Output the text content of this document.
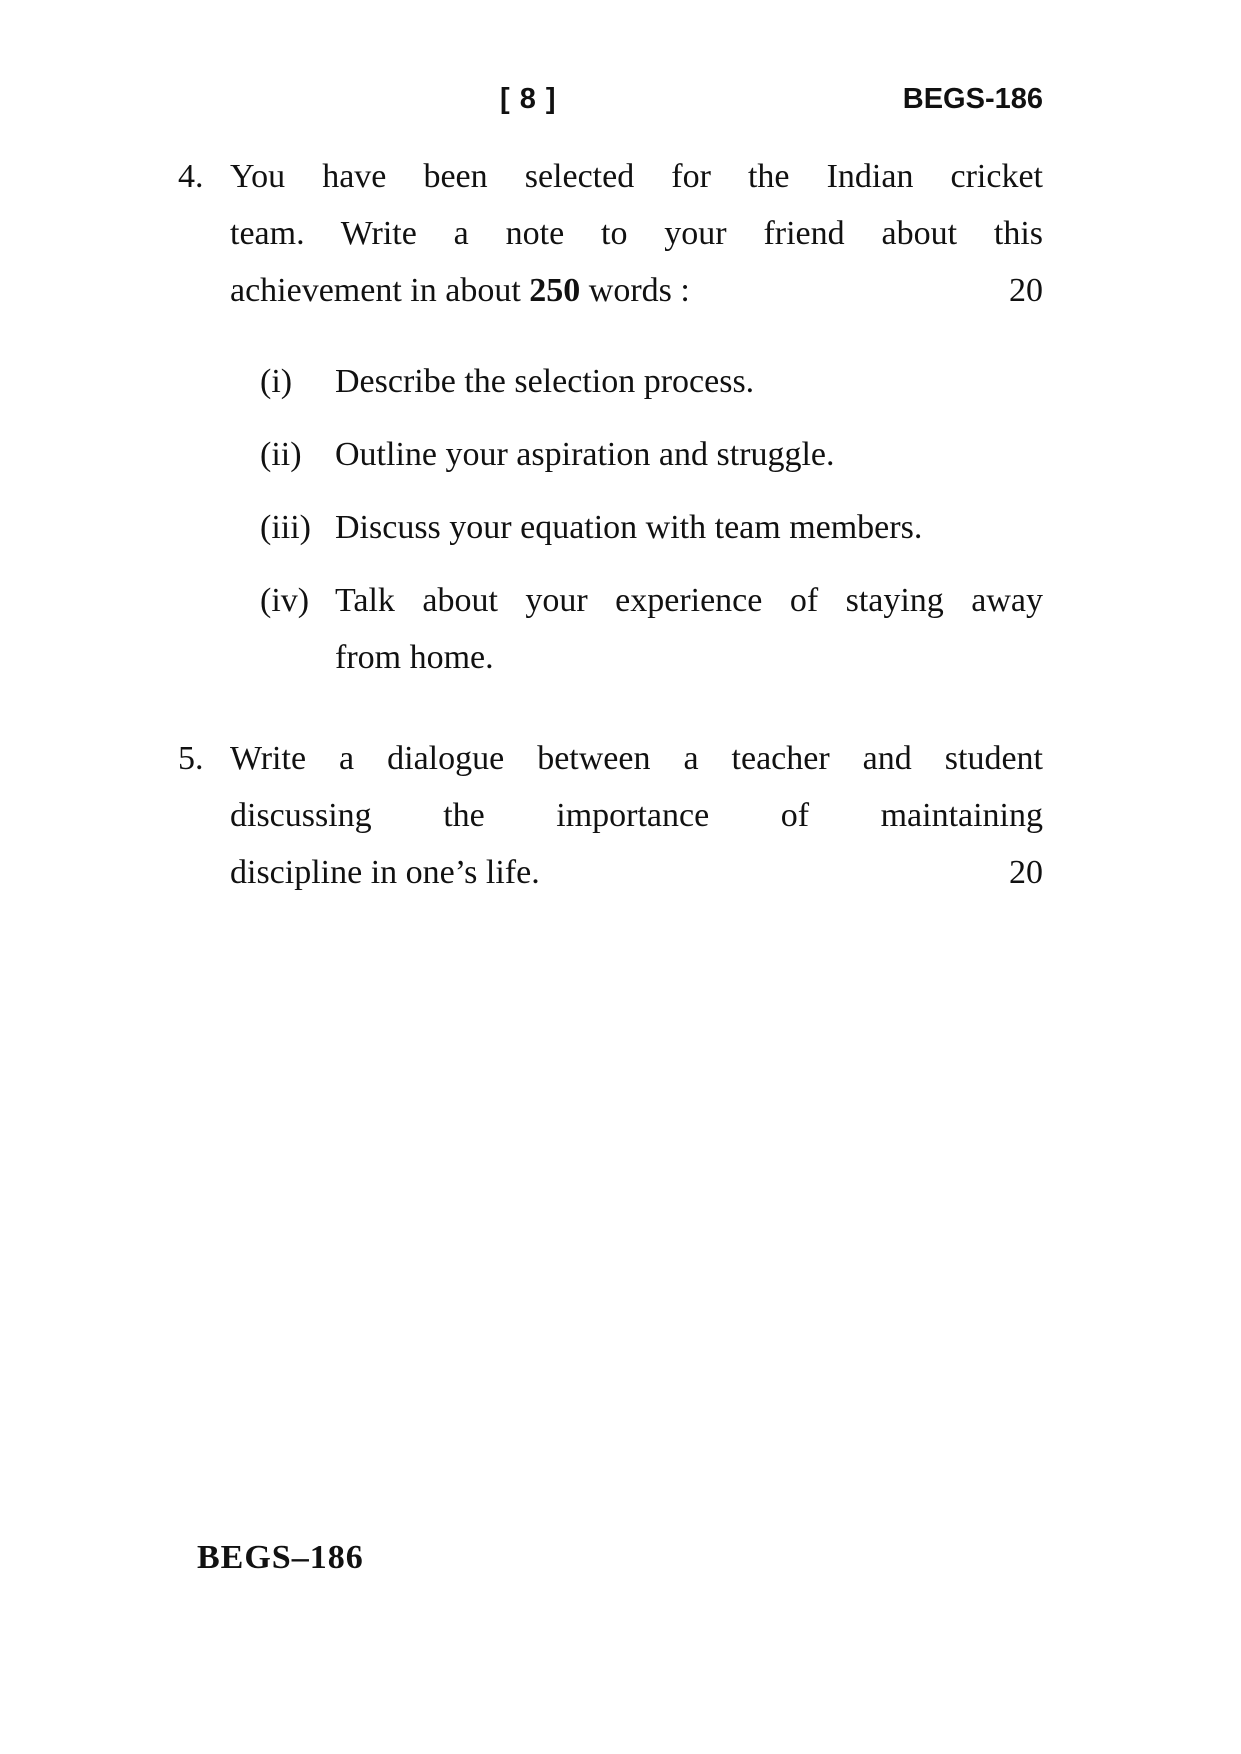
[ 8 ]	BEGS-186
4. You have been selected for the Indian cricket
team. Write a note to your friend about this
achievement in about 250 words :	20
(i)	Describe the selection process.
(ii) Outline your aspiration and struggle.
(iii) Discuss your equation with team members.
(iv) Talk about your experience of staying away
from home.
5. Write a dialogue between a teacher and student
discussing the importance of maintaining
discipline in one’s life.	20
BEGS–186
